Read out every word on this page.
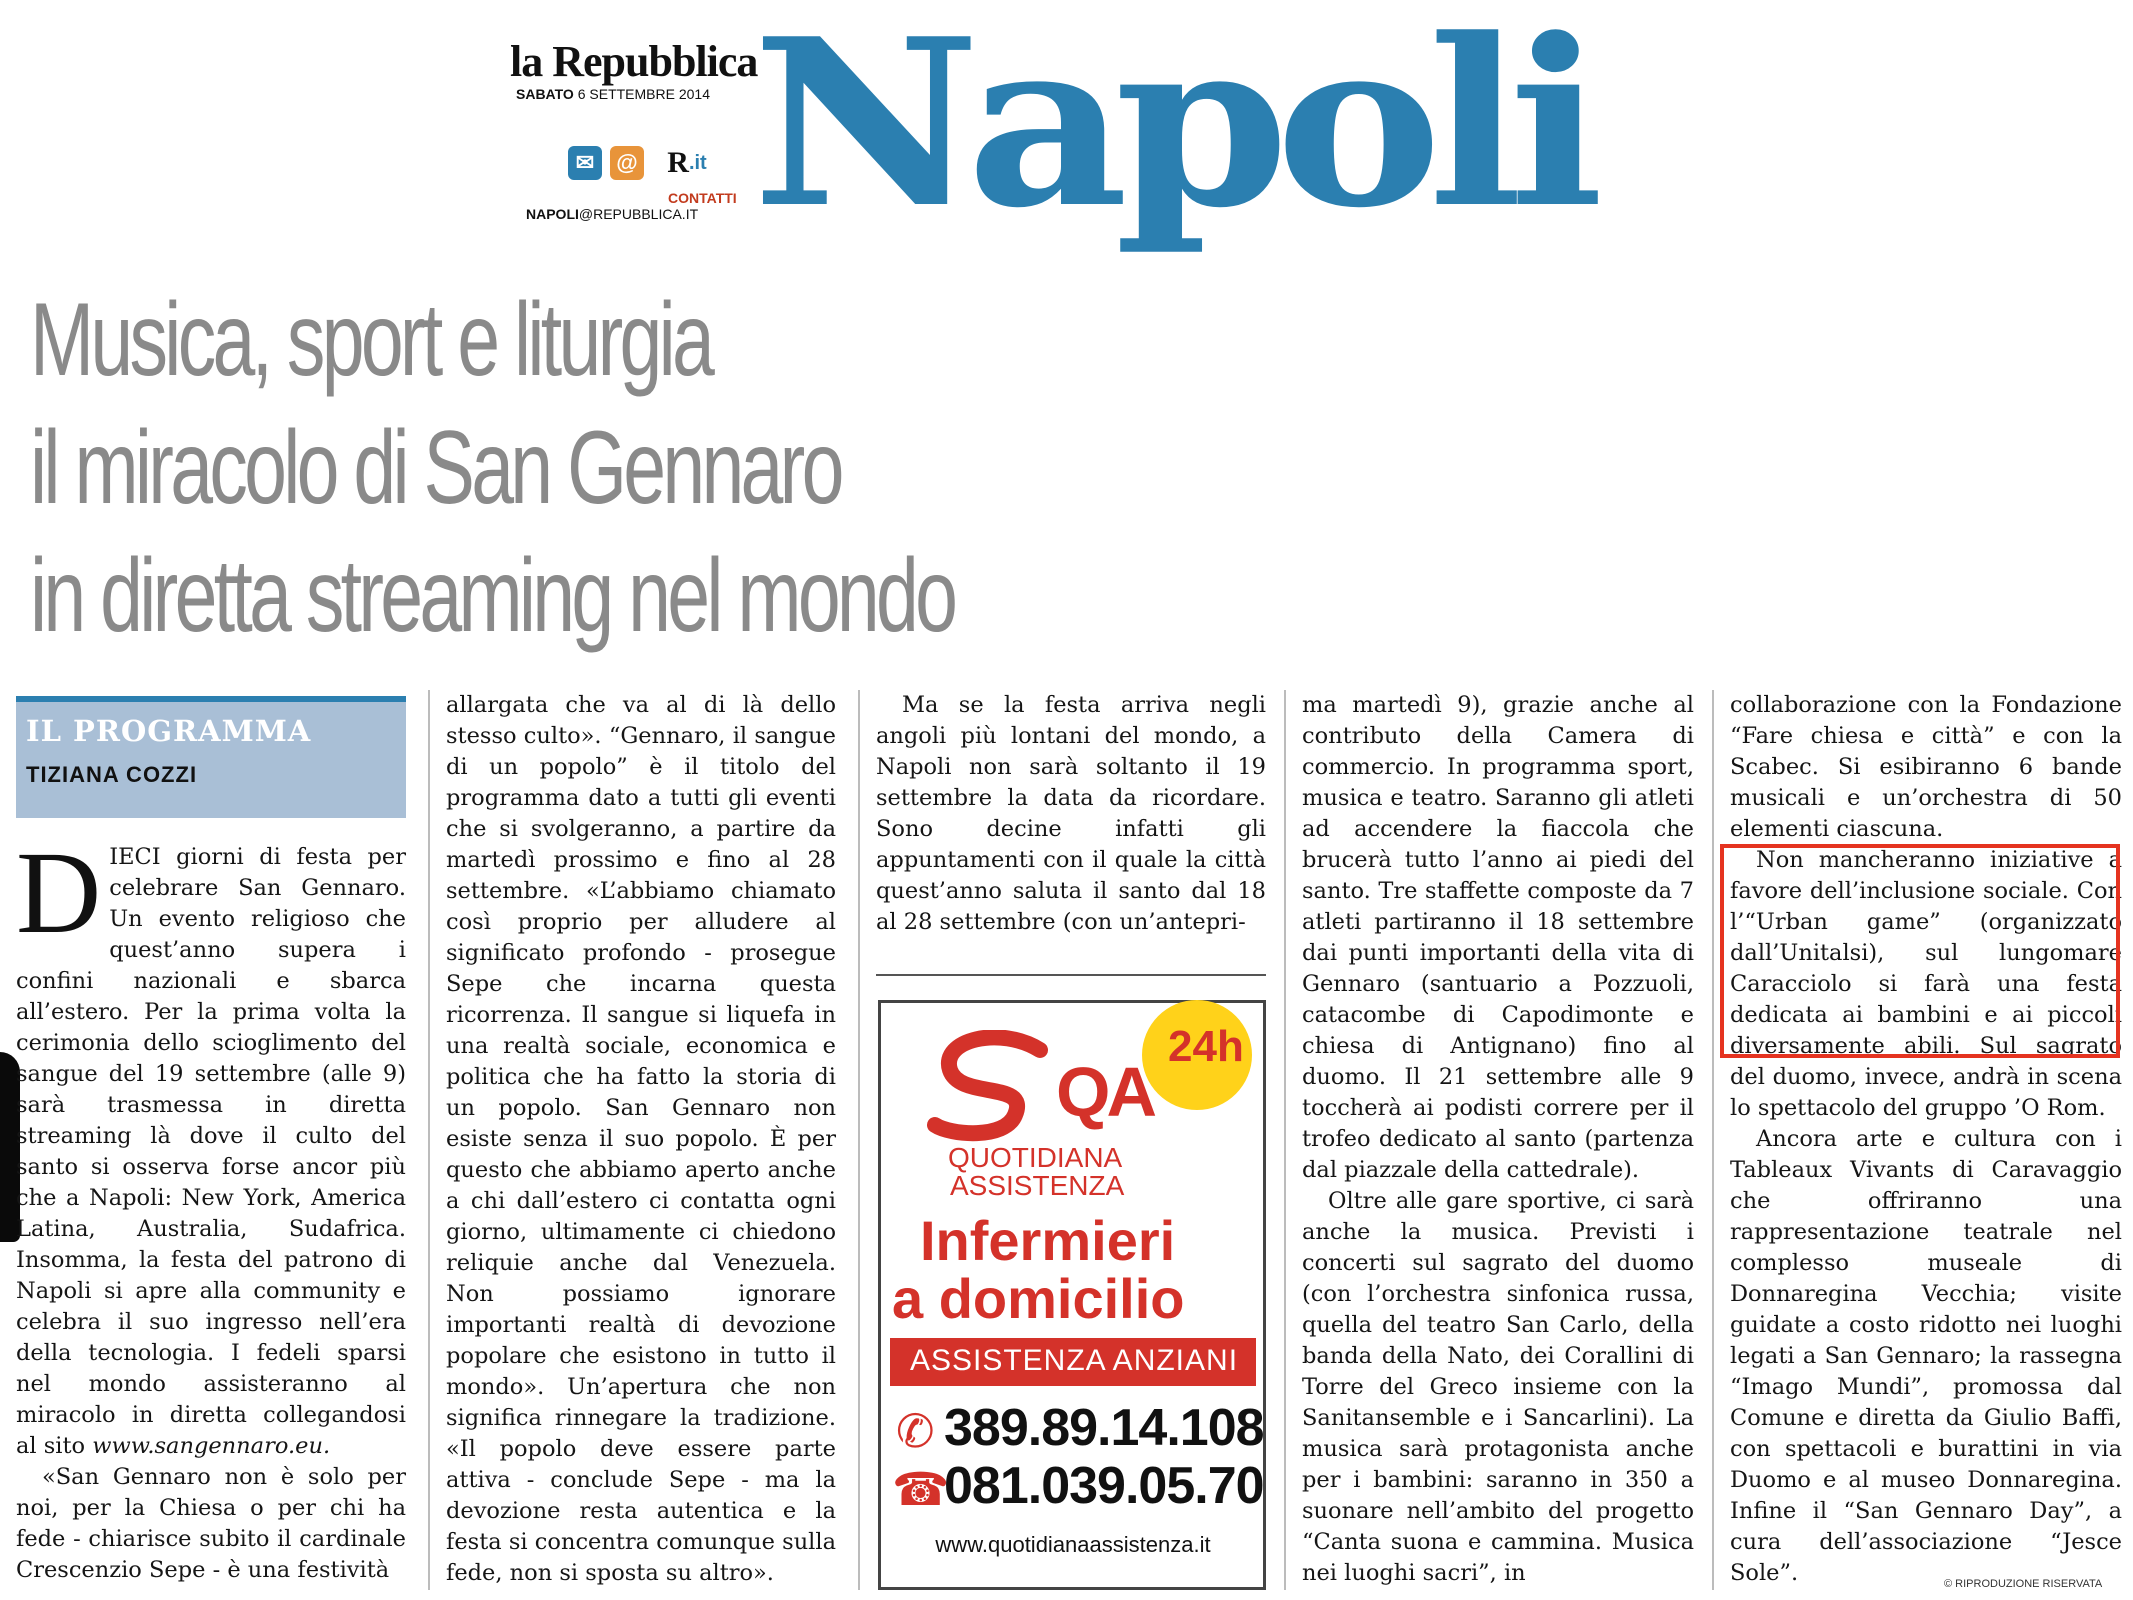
la Repubblica
SABATO 6 SETTEMBRE 2014
✉	@ R .it
CONTATTI
NAPOLI@REPUBBLICA.IT Napoli
Musica, sport e liturgia
il miracolo di San Gennaro
in diretta streaming nel mondo
IL PROGRAMMA
TIZIANA COZZI

DIECI giorni di festa per celebrare San Gennaro. Un evento religioso che quest’anno supera i confini nazionali e sbarca all’estero. Per la prima volta la cerimonia dello scioglimento del sangue del 19 settembre (alle 9) sarà trasmessa in diretta streaming là dove il culto del santo si osserva forse ancor più che a Napoli: New York, America Latina, Australia, Sudafrica. Insomma, la festa del patrono di Napoli si apre alla community e celebra il suo ingresso nell’era della tecnologia. I fedeli sparsi nel mondo assisteranno al miracolo in diretta collegandosi al sito www.sangennaro.eu.

«San Gennaro non è solo per noi, per la Chiesa o per chi ha fede - chiarisce subito il cardinale Crescenzio Sepe - è una festività

allargata che va al di là dello stesso culto». “Gennaro, il sangue di un popolo” è il titolo del programma dato a tutti gli eventi che si svolgeranno, a partire da martedì prossimo e fino al 28 settembre. «L’abbiamo chiamato così proprio per alludere al significato profondo - prosegue Sepe che incarna questa ricorrenza. Il sangue si liquefa in una realtà sociale, economica e politica che ha fatto la storia di un popolo. San Gennaro non esiste senza il suo popolo. È per questo che abbiamo aperto anche a chi dall’estero ci contatta ogni giorno, ultimamente ci chiedono reliquie anche dal Venezuela. Non possiamo ignorare importanti realtà di devozione popolare che esistono in tutto il mondo». Un’apertura che non significa rinnegare la tradizione. «Il popolo deve essere parte attiva - conclude Sepe - ma la devozione resta autentica e la festa si concentra comunque sulla fede, non si sposta su altro».

Ma se la festa arriva negli angoli più lontani del mondo, a Napoli non sarà soltanto il 19 settembre la data da ricordare. Sono decine infatti gli appuntamenti con il quale la città quest’anno saluta il santo dal 18 al 28 settembre (con un’antepri-

24h
QA
QUOTIDIANA
ASSISTENZA
Infermieri
a domicilio
ASSISTENZA ANZIANI
✆ 389.89.14.108
☎
081.039.05.70
www.quotidianaassistenza.it

ma martedì 9), grazie anche al contributo della Camera di commercio. In programma sport, musica e teatro. Saranno gli atleti ad accendere la fiaccola che brucerà tutto l’anno ai piedi del santo. Tre staffette composte da 7 atleti partiranno il 18 settembre dai punti importanti della vita di Gennaro (santuario a Pozzuoli, catacombe di Capodimonte e chiesa di Antignano) fino al duomo. Il 21 settembre alle 9 toccherà ai podisti correre per il trofeo dedicato al santo (partenza dal piazzale della cattedrale).

Oltre alle gare sportive, ci sarà anche la musica. Previsti i concerti sul sagrato del duomo (con l’orchestra sinfonica russa, quella del teatro San Carlo, della banda della Nato, dei Corallini di Torre del Greco insieme con la Sanitansemble e i Sancarlini). La musica sarà protagonista anche per i bambini: saranno in 350 a suonare nell’ambito del progetto “Canta suona e cammina. Musica nei luoghi sacri”, in

collaborazione con la Fondazione “Fare chiesa e città” e con la Scabec. Si esibiranno 6 bande musicali e un’orchestra di 50 elementi ciascuna.

Non mancheranno iniziative a favore dell’inclusione sociale. Con l’“Urban game” (organizzato dall’Unitalsi), sul lungomare Caracciolo si farà una festa dedicata ai bambini e ai piccoli diversamente abili. Sul sagrato del duomo, invece, andrà in scena lo spettacolo del gruppo ’O Rom.

Ancora arte e cultura con i Tableaux Vivants di Caravaggio che offriranno una rappresentazione teatrale nel complesso museale di Donnaregina Vecchia; visite guidate a costo ridotto nei luoghi legati a San Gennaro; la rassegna “Imago Mundi”, promossa dal Comune e diretta da Giulio Baffi, con spettacoli e burattini in via Duomo e al museo Donnaregina. Infine il “San Gennaro Day”, a cura dell’associazione “Jesce Sole”.	© RIPRODUZIONE RISERVATA
